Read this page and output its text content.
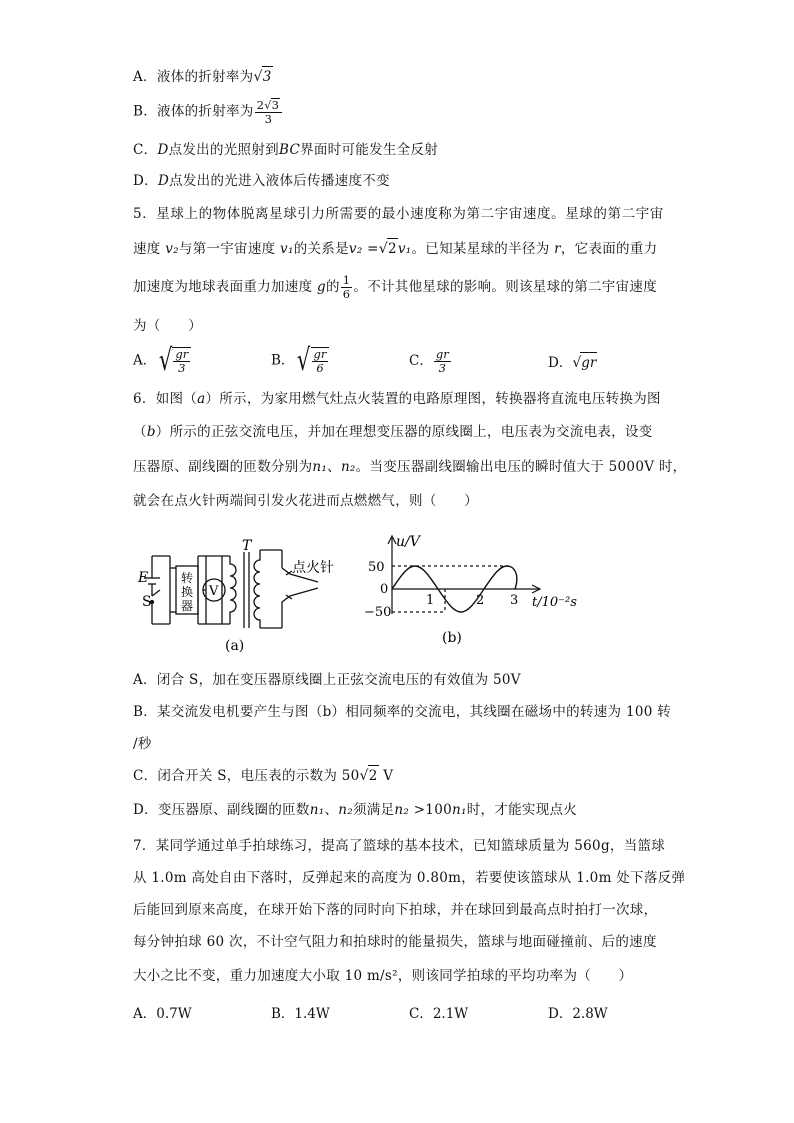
A．液体的折射率为√3
B．液体的折射率为 $\frac{2√3}{3}$
C．D点发出的光照射到BC界面时可能发生全反射
D．D点发出的光进入液体后传播速度不变
5．星球上的物体脱离星球引力所需要的最小速度称为第二宇宙速度。星球的第二宇宙
速度 v₂与第一宇宙速度 v₁的关系是v₂ =√2v₁。已知某星球的半径为 r，它表面的重力
加速度为地球表面重力加速度 g的 $\frac{1}{6}$ 。不计其他星球的影响。则该星球的第二宇宙速度
为（　　）
A． √ $\frac{gr}{3}$	B． √ $\frac{gr}{6}$	C． $\frac{gr}{3}$	D．√gr
6．如图（a）所示，为家用燃气灶点火装置的电路原理图，转换器将直流电压转换为图
（b）所示的正弦交流电压，并加在理想变压器的原线圈上，电压表为交流电表，设变
压器原、副线圈的匝数分别为n₁、n₂。当变压器副线圈输出电压的瞬时值大于 5000V 时，
就会在点火针两端间引发火花进而点燃燃气，则（　　）
E
S
T
转
换
器
V
点火针
(a)
u/V
50
0
−50
1	2 3 t/10⁻²s
(b)
A．闭合 S，加在变压器原线圈上正弦交流电压的有效值为 50V
B．某交流发电机要产生与图（b）相同频率的交流电，其线圈在磁场中的转速为 100 转
/秒
C．闭合开关 S，电压表的示数为 50√2 V
D．变压器原、副线圈的匝数n₁、n₂须满足n₂ >100n₁时，才能实现点火
7．某同学通过单手拍球练习，提高了篮球的基本技术，已知篮球质量为 560g，当篮球
从 1.0m 高处自由下落时，反弹起来的高度为 0.80m，若要使该篮球从 1.0m 处下落反弹
后能回到原来高度，在球开始下落的同时向下拍球，并在球回到最高点时拍打一次球，
每分钟拍球 60 次，不计空气阻力和拍球时的能量损失，篮球与地面碰撞前、后的速度
大小之比不变，重力加速度大小取 10 m/s²，则该同学拍球的平均功率为（　　）
A．0.7W	B．1.4W	C．2.1W	D．2.8W
